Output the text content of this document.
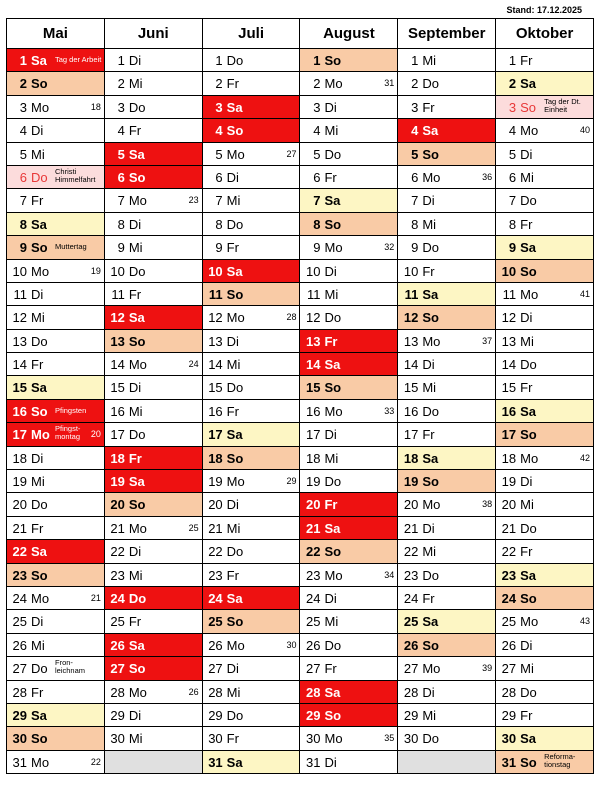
Stand: 17.12.2025
Mai	Juni	Juli	August	September	Oktober

1 Sa Tag der Arbeit	1 Di	1 Do	1 So	1 Mi	1 Fr

2 So	2 Mi	2 Fr	2 Mo 31	2 Do	2 Sa

3 Mo 18	3 Do	3 Sa	3 Di	3 Fr	3 So Tag der Dt.
Einheit

4 Di	4 Fr	4 So	4 Mi	4 Sa	4 Mo 40

5 Mi	5 Sa	5 Mo 27	5 Do	5 So	5 Di

6 Do Christi
Himmelfahrt	6 So	6 Di	6 Fr	6 Mo 36	6 Mi

7 Fr	7 Mo 23	7 Mi	7 Sa	7 Di	7 Do

8 Sa	8 Di	8 Do	8 So	8 Mi	8 Fr

9 So Muttertag	9 Mi	9 Fr	9 Mo 32	9 Do	9 Sa

10 Mo 19	10 Do	10 Sa	10 Di	10 Fr	10 So

11 Di	11 Fr	11 So	11 Mi	11 Sa	11 Mo 41

12 Mi	12 Sa	12 Mo 28	12 Do	12 So	12 Di

13 Do	13 So	13 Di	13 Fr	13 Mo 37	13 Mi

14 Fr	14 Mo 24	14 Mi	14 Sa	14 Di	14 Do

15 Sa	15 Di	15 Do	15 So	15 Mi	15 Fr

16 So Pfingsten	16 Mi	16 Fr	16 Mo 33	16 Do	16 Sa

17 Mo Pfingst-
montag 20	17 Do	17 Sa	17 Di	17 Fr	17 So

18 Di	18 Fr	18 So	18 Mi	18 Sa	18 Mo 42

19 Mi	19 Sa	19 Mo 29	19 Do	19 So	19 Di

20 Do	20 So	20 Di	20 Fr	20 Mo 38	20 Mi

21 Fr	21 Mo 25	21 Mi	21 Sa	21 Di	21 Do

22 Sa	22 Di	22 Do	22 So	22 Mi	22 Fr

23 So	23 Mi	23 Fr	23 Mo 34	23 Do	23 Sa

24 Mo 21	24 Do	24 Sa	24 Di	24 Fr	24 So

25 Di	25 Fr	25 So	25 Mi	25 Sa	25 Mo 43

26 Mi	26 Sa	26 Mo 30	26 Do	26 So	26 Di

27 Do Fron-
leichnam	27 So	27 Di	27 Fr	27 Mo 39	27 Mi

28 Fr	28 Mo 26	28 Mi	28 Sa	28 Di	28 Do

29 Sa	29 Di	29 Do	29 So	29 Mi	29 Fr

30 So	30 Mi	30 Fr	30 Mo 35	30 Do	30 Sa

31 Mo 22		31 Sa	31 Di		31 So Reforma-
tionstag
